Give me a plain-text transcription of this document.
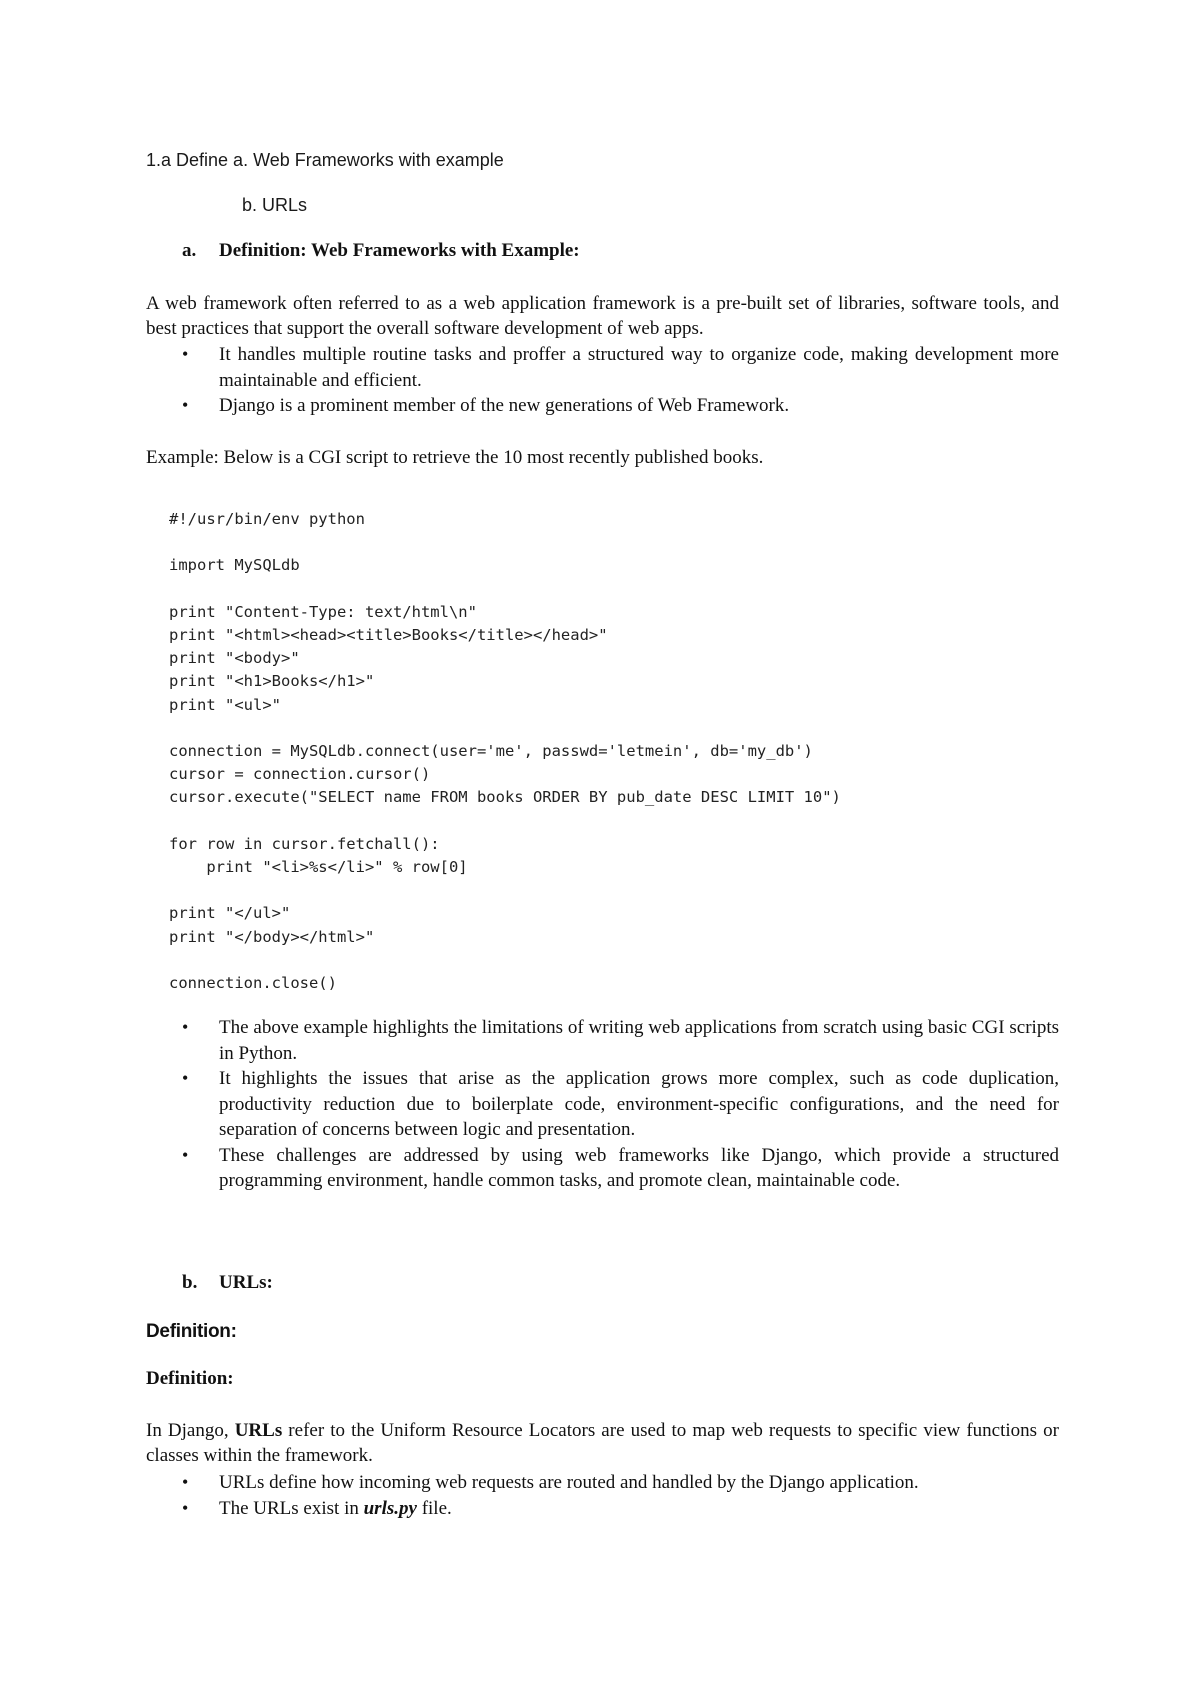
1.a Define a. Web Frameworks with example
b. URLs
a. Definition: Web Frameworks with Example:
A web framework often referred to as a web application framework is a pre-built set of libraries, software tools, and best practices that support the overall software development of web apps.
• It handles multiple routine tasks and proffer a structured way to organize code, making development more maintainable and efficient.
• Django is a prominent member of the new generations of Web Framework.
Example: Below is a CGI script to retrieve the 10 most recently published books.
#!/usr/bin/env python
import MySQLdb
print "Content-Type: text/html\n"
print "<html><head><title>Books</title></head>"
print "<body>"
print "<h1>Books</h1>"
print "<ul>"
connection = MySQLdb.connect(user='me', passwd='letmein', db='my_db')
cursor = connection.cursor()
cursor.execute("SELECT name FROM books ORDER BY pub_date DESC LIMIT 10")
for row in cursor.fetchall():
print "<li>%s</li>" % row[0]
print "</ul>"
print "</body></html>"
connection.close()
• The above example highlights the limitations of writing web applications from scratch using basic CGI scripts in Python.
• It highlights the issues that arise as the application grows more complex, such as code duplication, productivity reduction due to boilerplate code, environment-specific configurations, and the need for separation of concerns between logic and presentation.
• These challenges are addressed by using web frameworks like Django, which provide a structured programming environment, handle common tasks, and promote clean, maintainable code.
b. URLs:
Definition:
Definition:
In Django, URLs refer to the Uniform Resource Locators are used to map web requests to specific view functions or classes within the framework.
• URLs define how incoming web requests are routed and handled by the Django application.
• The URLs exist in urls.py file.
